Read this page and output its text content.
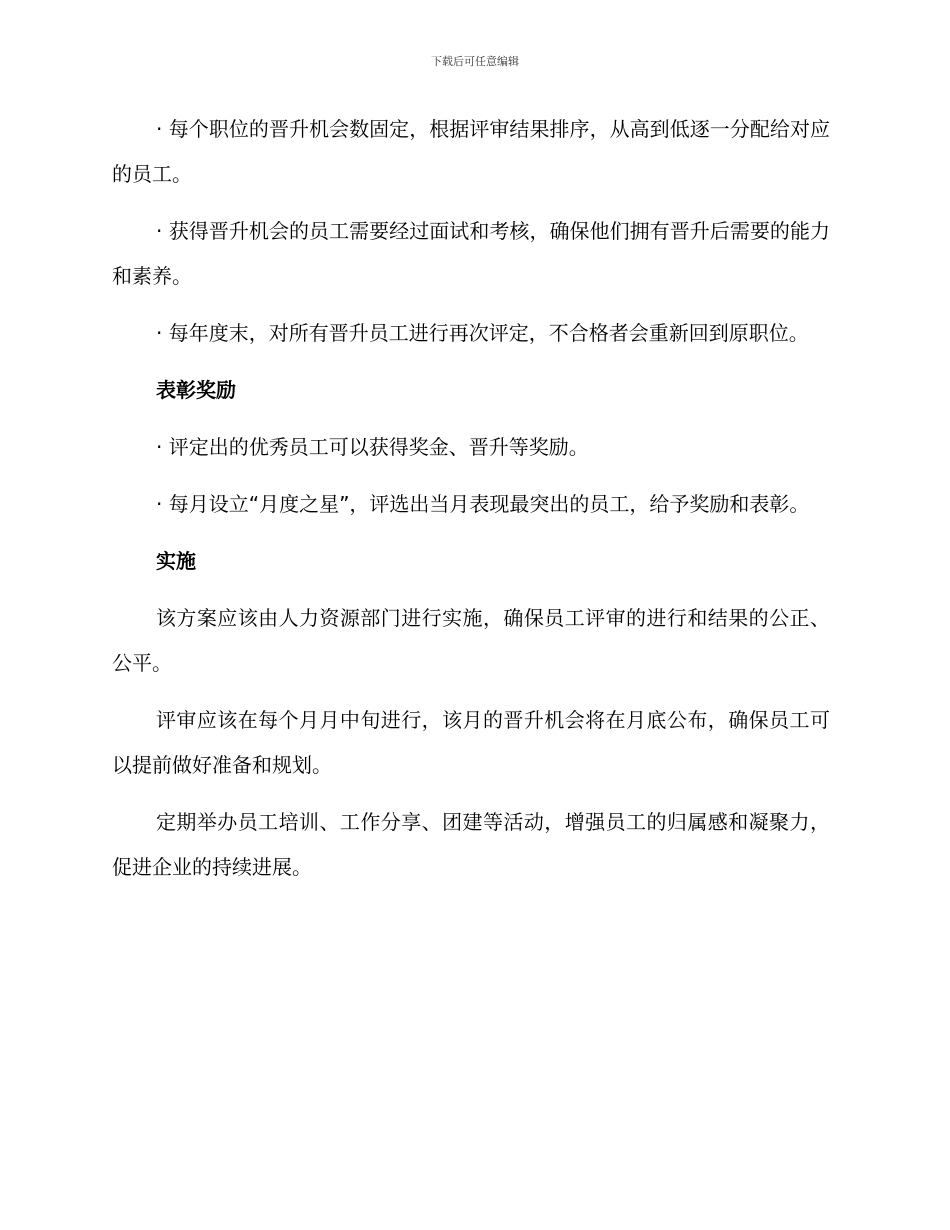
下载后可任意编辑

· 每个职位的晋升机会数固定，根据评审结果排序，从高到低逐一分配给对应的员工。

· 获得晋升机会的员工需要经过面试和考核，确保他们拥有晋升后需要的能力和素养。

· 每年度末，对所有晋升员工进行再次评定，不合格者会重新回到原职位。

表彰奖励

· 评定出的优秀员工可以获得奖金、晋升等奖励。

· 每月设立“月度之星”，评选出当月表现最突出的员工，给予奖励和表彰。

实施

该方案应该由人力资源部门进行实施，确保员工评审的进行和结果的公正、公平。

评审应该在每个月月中旬进行，该月的晋升机会将在月底公布，确保员工可以提前做好准备和规划。

定期举办员工培训、工作分享、团建等活动，增强员工的归属感和凝聚力，促进企业的持续进展。
